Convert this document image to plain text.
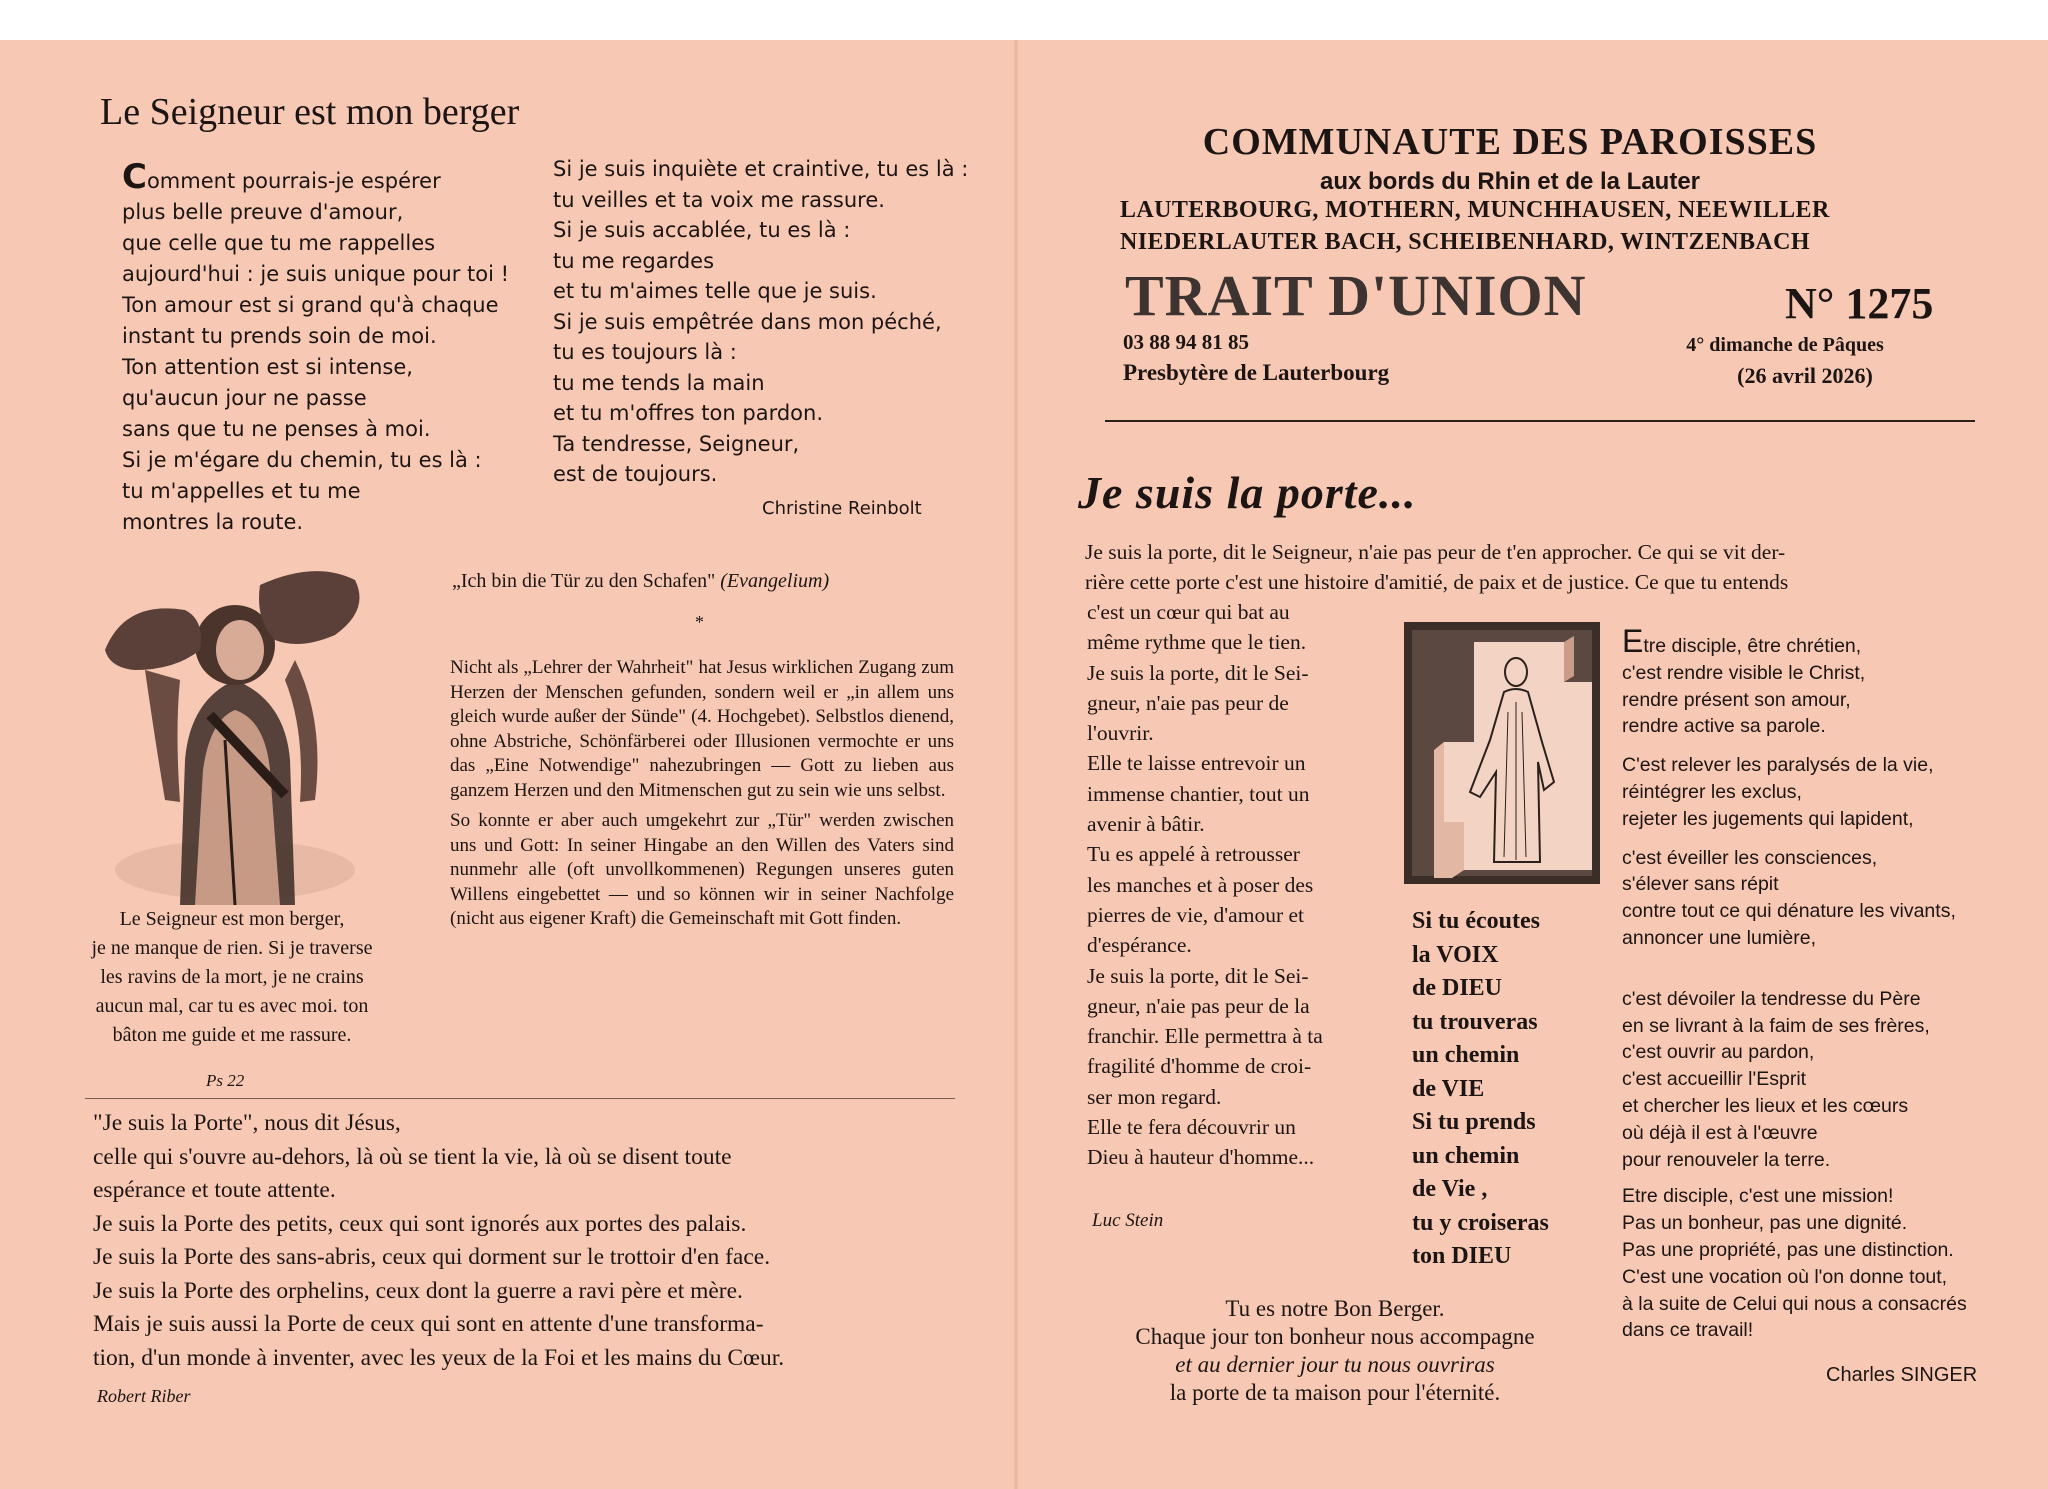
Le Seigneur est mon berger
Comment pourrais-je espérer
plus belle preuve d'amour,
que celle que tu me rappelles
aujourd'hui : je suis unique pour toi !
Ton amour est si grand qu'à chaque
instant tu prends soin de moi.
Ton attention est si intense,
qu'aucun jour ne passe
sans que tu ne penses à moi.
Si je m'égare du chemin, tu es là :
tu m'appelles et tu me
montres la route.
Si je suis inquiète et craintive, tu es là :
tu veilles et ta voix me rassure.
Si je suis accablée, tu es là :
tu me regardes
et tu m'aimes telle que je suis.
Si je suis empêtrée dans mon péché,
tu es toujours là :
tu me tends la main
et tu m'offres ton pardon.
Ta tendresse, Seigneur,
est de toujours.
Christine Reinbolt
Le Seigneur est mon berger,
je ne manque de rien. Si je traverse
les ravins de la mort, je ne crains
aucun mal, car tu es avec moi. ton
bâton me guide et me rassure.
Ps 22
„Ich bin die Tür zu den Schafen" (Evangelium)
*

Nicht als „Lehrer der Wahrheit" hat Jesus wirklichen Zugang zum Herzen der Menschen gefunden, sondern weil er „in allem uns gleich wurde außer der Sünde" (4. Hochgebet). Selbstlos dienend, ohne Abstriche, Schönfärberei oder Illusionen vermochte er uns das „Eine Notwendige" nahezubringen — Gott zu lieben aus ganzem Herzen und den Mitmenschen gut zu sein wie uns selbst.

So konnte er aber auch umgekehrt zur „Tür" werden zwischen uns und Gott: In seiner Hingabe an den Willen des Vaters sind nunmehr alle (oft unvollkommenen) Regungen unseres guten Willens eingebettet — und so können wir in seiner Nachfolge (nicht aus eigener Kraft) die Gemeinschaft mit Gott finden.

"Je suis la Porte", nous dit Jésus,
celle qui s'ouvre au-dehors, là où se tient la vie, là où se disent toute
espérance et toute attente.
Je suis la Porte des petits, ceux qui sont ignorés aux portes des palais.
Je suis la Porte des sans-abris, ceux qui dorment sur le trottoir d'en face.
Je suis la Porte des orphelins, ceux dont la guerre a ravi père et mère.
Mais je suis aussi la Porte de ceux qui sont en attente d'une transforma-
tion, d'un monde à inventer, avec les yeux de la Foi et les mains du Cœur.
Robert Riber
COMMUNAUTE DES PAROISSES
aux bords du Rhin et de la Lauter
LAUTERBOURG, MOTHERN, MUNCHHAUSEN, NEEWILLER
NIEDERLAUTER BACH, SCHEIBENHARD, WINTZENBACH
TRAIT D'UNION	N° 1275
03 88 94 81 85
Presbytère de Lauterbourg
4° dimanche de Pâques
(26 avril 2026)
Je suis la porte...
Je suis la porte, dit le Seigneur, n'aie pas peur de t'en approcher. Ce qui se vit der-
rière cette porte c'est une histoire d'amitié, de paix et de justice. Ce que tu entends
c'est un cœur qui bat au
même rythme que le tien.
Je suis la porte, dit le Sei-
gneur, n'aie pas peur de
l'ouvrir.
Elle te laisse entrevoir un
immense chantier, tout un
avenir à bâtir.
Tu es appelé à retrousser
les manches et à poser des
pierres de vie, d'amour et
d'espérance.
Je suis la porte, dit le Sei-
gneur, n'aie pas peur de la
franchir. Elle permettra à ta
fragilité d'homme de croi-
ser mon regard.
Elle te fera découvrir un
Dieu à hauteur d'homme...
Luc Stein
Si tu écoutes
la VOIX
de DIEU
tu trouveras
un chemin
de VIE
Si tu prends
un chemin
de Vie ,
tu y croiseras
ton DIEU
Tu es notre Bon Berger.
Chaque jour ton bonheur nous accompagne
et au dernier jour tu nous ouvriras
la porte de ta maison pour l'éternité.
Etre disciple, être chrétien,
c'est rendre visible le Christ,
rendre présent son amour,
rendre active sa parole.
C'est relever les paralysés de la vie,
réintégrer les exclus,
rejeter les jugements qui lapident,
c'est éveiller les consciences,
s'élever sans répit
contre tout ce qui dénature les vivants,
annoncer une lumière,
c'est dévoiler la tendresse du Père
en se livrant à la faim de ses frères,
c'est ouvrir au pardon,
c'est accueillir l'Esprit
et chercher les lieux et les cœurs
où déjà il est à l'œuvre
pour renouveler la terre.
Etre disciple, c'est une mission!
Pas un bonheur, pas une dignité.
Pas une propriété, pas une distinction.
C'est une vocation où l'on donne tout,
à la suite de Celui qui nous a consacrés
dans ce travail!
Charles SINGER
